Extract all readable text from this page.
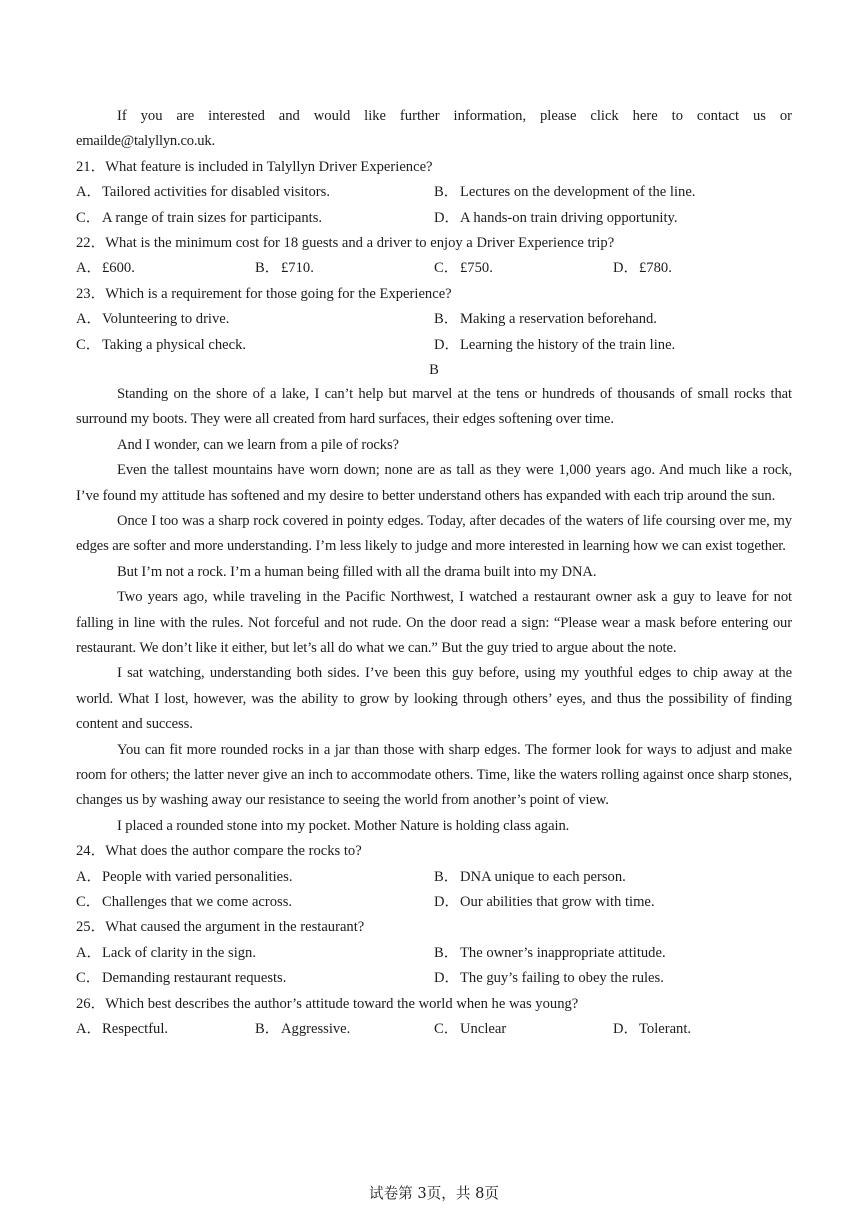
If you are interested and would like further information, please click here to contact us or
emailde@talyllyn.co.uk.
21．What feature is included in Talyllyn Driver Experience?
A．Tailored activities for disabled visitors.	B． Lectures on the development of the line.
C． A range of train sizes for participants.	D．A hands-on train driving opportunity.
22．What is the minimum cost for 18 guests and a driver to enjoy a Driver Experience trip?
A．£600.	B． £710.	C． £750.	D．£780.
23．Which is a requirement for those going for the Experience?
A．Volunteering to drive.	B． Making a reservation beforehand.
C． Taking a physical check.	D．Learning the history of the train line.
B

Standing on the shore of a lake, I can’t help but marvel at the tens or hundreds of thousands of small rocks that surround my boots. They were all created from hard surfaces, their edges softening over time.

And I wonder, can we learn from a pile of rocks?

Even the tallest mountains have worn down; none are as tall as they were 1,000 years ago. And much like a rock, I’ve found my attitude has softened and my desire to better understand others has expanded with each trip around the sun.

Once I too was a sharp rock covered in pointy edges. Today, after decades of the waters of life coursing over me, my edges are softer and more understanding. I’m less likely to judge and more interested in learning how we can exist together.

But I’m not a rock. I’m a human being filled with all the drama built into my DNA.

Two years ago, while traveling in the Pacific Northwest, I watched a restaurant owner ask a guy to leave for not falling in line with the rules. Not forceful and not rude. On the door read a sign: “Please wear a mask before entering our restaurant. We don’t like it either, but let’s all do what we can.” But the guy tried to argue about the note.

I sat watching, understanding both sides. I’ve been this guy before, using my youthful edges to chip away at the world. What I lost, however, was the ability to grow by looking through others’ eyes, and thus the possibility of finding content and success.

You can fit more rounded rocks in a jar than those with sharp edges. The former look for ways to adjust and make room for others; the latter never give an inch to accommodate others. Time, like the waters rolling against once sharp stones, changes us by washing away our resistance to seeing the world from another’s point of view.

I placed a rounded stone into my pocket. Mother Nature is holding class again.

24．What does the author compare the rocks to?
A．People with varied personalities.	B． DNA unique to each person.
C． Challenges that we come across.	D．Our abilities that grow with time.
25．What caused the argument in the restaurant?
A．Lack of clarity in the sign.	B． The owner’s inappropriate attitude.
C． Demanding restaurant requests.	D．The guy’s failing to obey the rules.
26．Which best describes the author’s attitude toward the world when he was young?
A．Respectful.	B． Aggressive.	C． Unclear	D．Tolerant.
试卷第 3页，共 8页
